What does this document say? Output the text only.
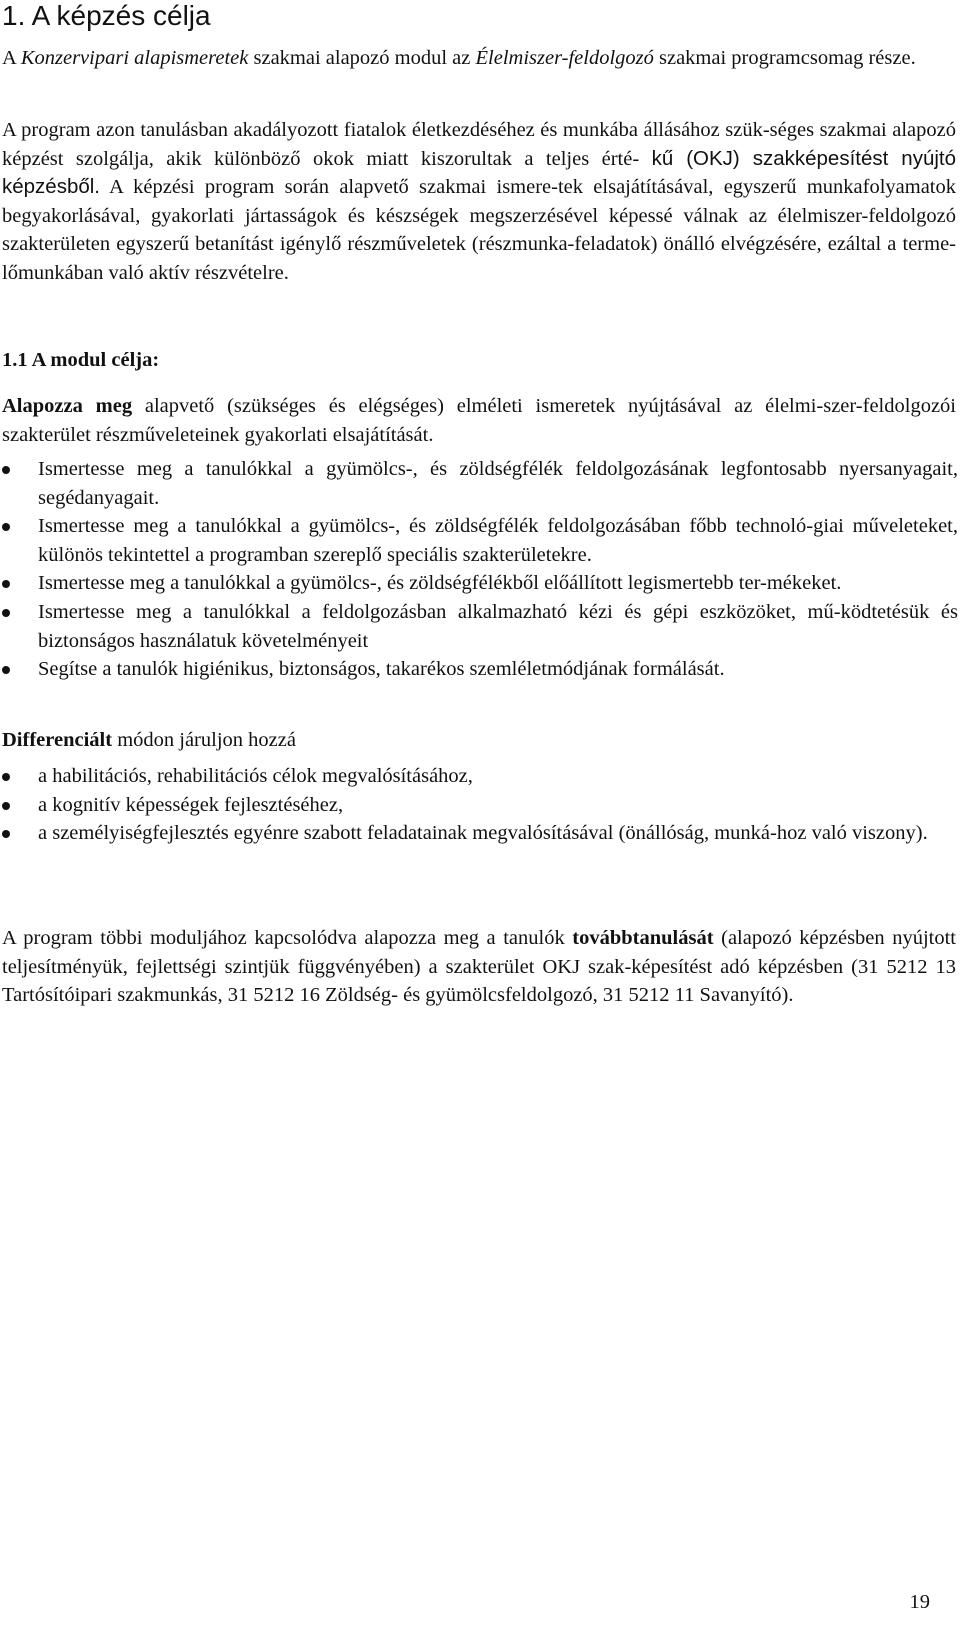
1. A képzés célja

A Konzervipari alapismeretek szakmai alapozó modul az Élelmiszer-feldolgozó szakmai programcsomag része.

A program azon tanulásban akadályozott fiatalok életkezdéséhez és munkába állásához szük-séges szakmai alapozó képzést szolgálja, akik különböző okok miatt kiszorultak a teljes érté- kű (OKJ) szakképesítést nyújtó képzésből. A képzési program során alapvető szakmai ismere-tek elsajátításával, egyszerű munkafolyamatok begyakorlásával, gyakorlati jártasságok és készségek megszerzésével képessé válnak az élelmiszer-feldolgozó szakterületen egyszerű betanítást igénylő részműveletek (részmunka-feladatok) önálló elvégzésére, ezáltal a terme-lőmunkában való aktív részvételre.

1.1 A modul célja:

Alapozza meg alapvető (szükséges és elégséges) elméleti ismeretek nyújtásával az élelmi-szer-feldolgozói szakterület részműveleteinek gyakorlati elsajátítását.

Ismertesse meg a tanulókkal a gyümölcs-, és zöldségfélék feldolgozásának legfontosabb nyersanyagait, segédanyagait.
Ismertesse meg a tanulókkal a gyümölcs-, és zöldségfélék feldolgozásában főbb technoló-giai műveleteket, különös tekintettel a programban szereplő speciális szakterületekre.
Ismertesse meg a tanulókkal a gyümölcs-, és zöldségfélékből előállított legismertebb ter-mékeket.
Ismertesse meg a tanulókkal a feldolgozásban alkalmazható kézi és gépi eszközöket, mű-ködtetésük és biztonságos használatuk követelményeit
Segítse a tanulók higiénikus, biztonságos, takarékos szemléletmódjának formálását.

Differenciált módon járuljon hozzá

a habilitációs, rehabilitációs célok megvalósításához,
a kognitív képességek fejlesztéséhez,
a személyiségfejlesztés egyénre szabott feladatainak megvalósításával (önállóság, munká-hoz való viszony).

A program többi moduljához kapcsolódva alapozza meg a tanulók továbbtanulását (alapozó képzésben nyújtott teljesítményük, fejlettségi szintjük függvényében) a szakterület OKJ szak-képesítést adó képzésben (31 5212 13 Tartósítóipari szakmunkás, 31 5212 16 Zöldség- és gyümölcsfeldolgozó, 31 5212 11 Savanyító).

19
